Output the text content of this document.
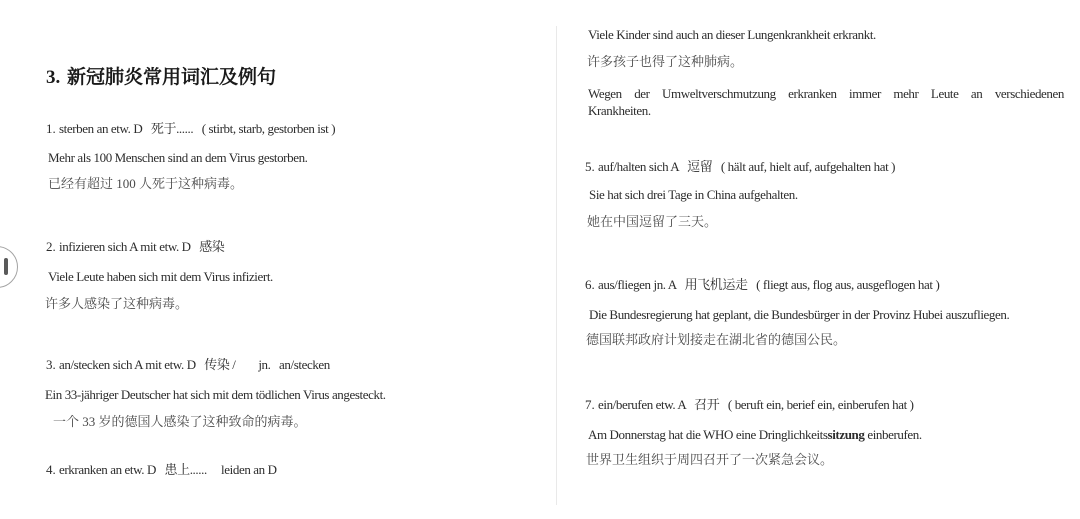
3. 新冠肺炎常用词汇及例句
1. sterben an etw. D   死于......   ( stirbt, starb, gestorben ist )
Mehr als 100 Menschen sind an dem Virus gestorben.
已经有超过 100 人死于这种病毒。
2. infizieren sich A mit etw. D   感染
Viele Leute haben sich mit dem Virus infiziert.
许多人感染了这种病毒。
3. an/stecken sich A mit etw. D   传染 /        jn.   an/stecken
Ein 33-jähriger Deutscher hat sich mit dem tödlichen Virus angesteckt.
一个 33 岁的德国人感染了这种致命的病毒。
4. erkranken an etw. D   患上......     leiden an D
Viele Kinder sind auch an dieser Lungenkrankheit erkrankt.
许多孩子也得了这种肺病。
Wegen der Umweltverschmutzung erkranken immer mehr Leute an verschiedenen
Krankheiten.
5. auf/halten sich A   逗留   ( hält auf, hielt auf, aufgehalten hat )
Sie hat sich drei Tage in China aufgehalten.
她在中国逗留了三天。
6. aus/fliegen jn. A   用飞机运走   ( fliegt aus, flog aus, ausgeflogen hat )
Die Bundesregierung hat geplant, die Bundesbürger in der Provinz Hubei auszufliegen.
德国联邦政府计划接走在湖北省的德国公民。
7. ein/berufen etw. A   召开   ( beruft ein, berief ein, einberufen hat )
Am Donnerstag hat die WHO eine Dringlichkeitssitzung einberufen.
世界卫生组织于周四召开了一次紧急会议。
